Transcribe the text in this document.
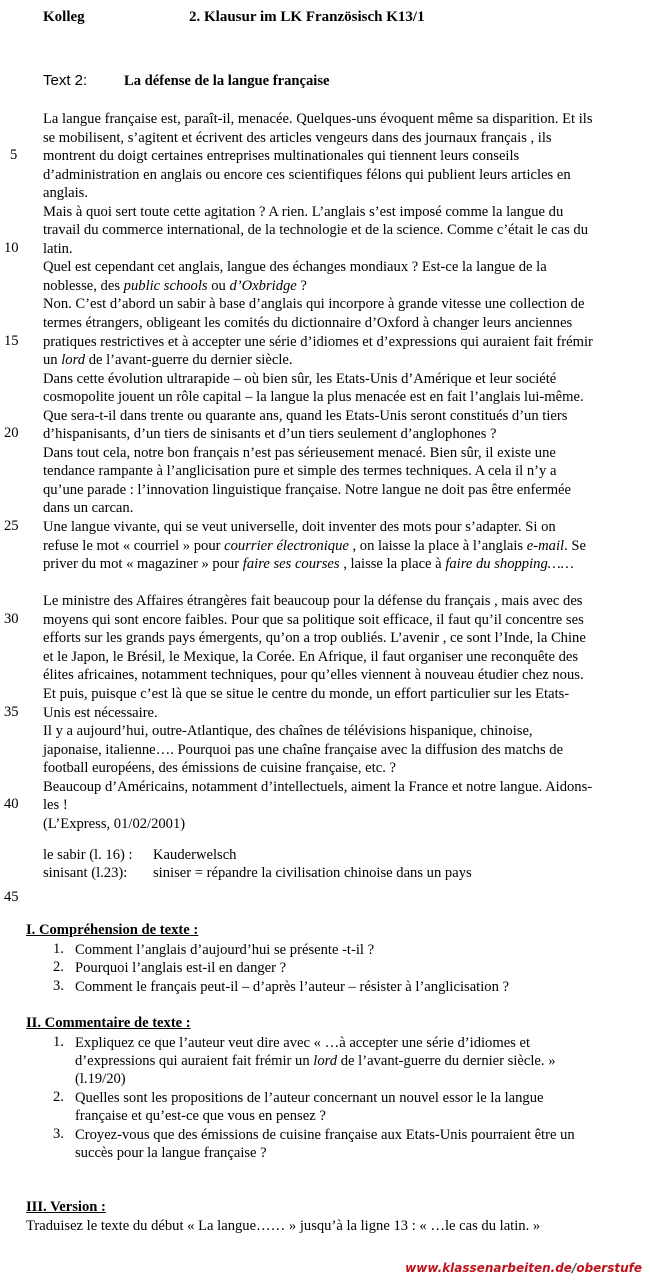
Kolleg	2. Klausur im LK Französisch K13/1
Text 2:	La défense de la langue française
5
10
15
20
25
30
35
40
45
La langue française est, paraît-il, menacée. Quelques-uns évoquent même sa disparition. Et ils
se mobilisent, s’agitent et écrivent des articles vengeurs dans des journaux français , ils
montrent du doigt certaines entreprises multinationales qui tiennent leurs conseils
d’administration en anglais ou encore ces scientifiques félons qui publient leurs articles en
anglais.
Mais à quoi sert toute cette agitation ? A rien. L’anglais s’est imposé comme la langue du
travail du commerce international, de la technologie et de la science. Comme c’était le cas du
latin.
Quel est cependant cet anglais, langue des échanges mondiaux ? Est-ce la langue de la
noblesse, des public schools ou d’Oxbridge ?
Non. C’est d’abord un sabir à base d’anglais qui incorpore à grande vitesse une collection de
termes étrangers, obligeant les comités du dictionnaire d’Oxford à changer leurs anciennes
pratiques restrictives et à accepter une série d’idiomes et d’expressions qui auraient fait frémir
un lord de l’avant-guerre du dernier siècle.
Dans cette évolution ultrarapide – où bien sûr, les Etats-Unis d’Amérique et leur société
cosmopolite jouent un rôle capital – la langue la plus menacée est en fait l’anglais lui-même.
Que sera-t-il dans trente ou quarante ans, quand les Etats-Unis seront constitués d’un tiers
d’hispanisants, d’un tiers de sinisants et d’un tiers seulement d’anglophones ?
Dans tout cela, notre bon français n’est pas sérieusement menacé. Bien sûr, il existe une
tendance rampante à l’anglicisation pure et simple des termes techniques. A cela il n’y a
qu’une parade : l’innovation linguistique française. Notre langue ne doit pas être enfermée
dans un carcan.
Une langue vivante, qui se veut universelle, doit inventer des mots pour s’adapter. Si on
refuse le mot « courriel » pour courrier électronique , on laisse la place à l’anglais e-mail. Se
priver du mot « magaziner » pour faire ses courses , laisse la place à faire du shopping……
Le ministre des Affaires étrangères fait beaucoup pour la défense du français , mais avec des
moyens qui sont encore faibles. Pour que sa politique soit efficace, il faut qu’il concentre ses
efforts sur les grands pays émergents, qu’on a trop oubliés. L’avenir , ce sont l’Inde, la Chine
et le Japon, le Brésil, le Mexique, la Corée. En Afrique, il faut organiser une reconquête des
élites africaines, notamment techniques, pour qu’elles viennent à nouveau étudier chez nous.
Et puis, puisque c’est là que se situe le centre du monde, un effort particulier sur les Etats-
Unis est nécessaire.
Il y a aujourd’hui, outre-Atlantique, des chaînes de télévisions hispanique, chinoise,
japonaise, italienne…. Pourquoi pas une chaîne française avec la diffusion des matchs de
football européens, des émissions de cuisine française, etc. ?
Beaucoup d’Américains, notamment d’intellectuels, aiment la France et notre langue. Aidons-
les !
(L’Express, 01/02/2001)
le sabir (l. 16) : Kauderwelsch
sinisant (l.23): siniser = répandre la civilisation chinoise dans un pays
I. Compréhension de texte :
1. Comment l’anglais d’aujourd’hui se présente -t-il ?
2. Pourquoi l’anglais est-il en danger ?
3. Comment le français peut-il – d’après l’auteur – résister à l’anglicisation ?
II. Commentaire de texte :
1. Expliquez ce que l’auteur veut dire avec « …à accepter une série d’idiomes et
d’expressions qui auraient fait frémir un lord de l’avant-guerre du dernier siècle. »
(l.19/20)
2. Quelles sont les propositions de l’auteur concernant un nouvel essor le la langue
française et qu’est-ce que vous en pensez ?
3. Croyez-vous que des émissions de cuisine française aux Etats-Unis pourraient être un
succès pour la langue française ?
III. Version :
Traduisez le texte du début « La langue…… » jusqu’à la ligne 13 : « …le cas du latin. »
www.klassenarbeiten.de/oberstufe
